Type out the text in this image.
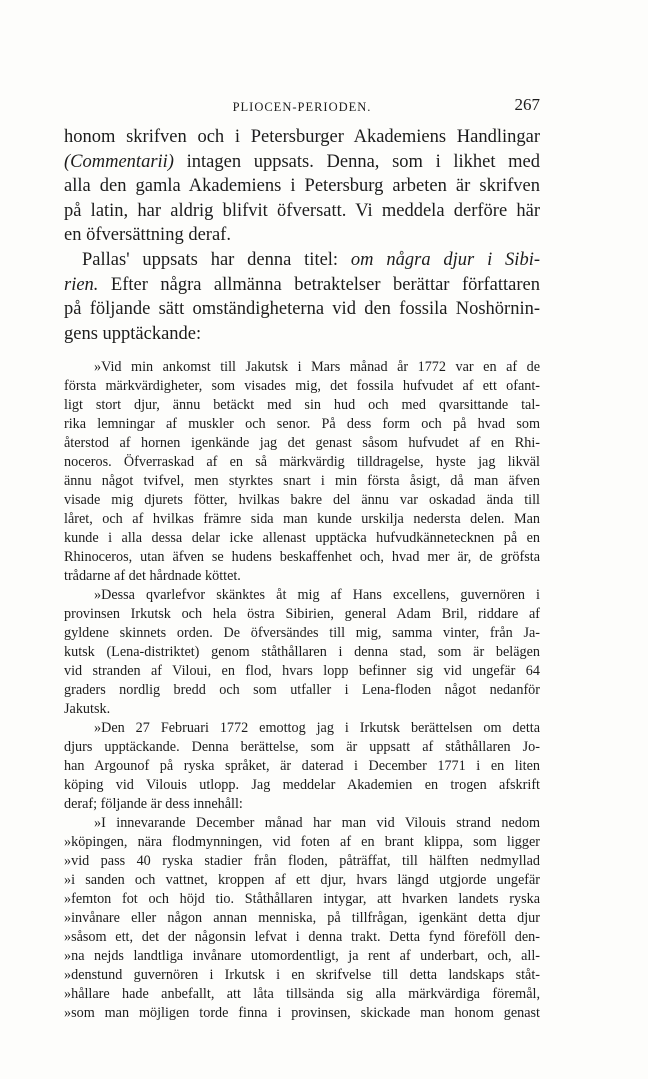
PLIOCEN-PERIODEN.	267
honom skrifven och i Petersburger Akademiens Handlingar
(Commentarii) intagen uppsats. Denna, som i likhet med
alla den gamla Akademiens i Petersburg arbeten är skrifven
på latin, har aldrig blifvit öfversatt. Vi meddela derföre här
en öfversättning deraf.
Pallas' uppsats har denna titel: om några djur i Sibi-
rien. Efter några allmänna betraktelser berättar författaren
på följande sätt omständigheterna vid den fossila Noshörnin-
gens upptäckande:
»Vid min ankomst till Jakutsk i Mars månad år 1772 var en af de
första märkvärdigheter, som visades mig, det fossila hufvudet af ett ofant-
ligt stort djur, ännu betäckt med sin hud och med qvarsittande tal-
rika lemningar af muskler och senor. På dess form och på hvad som
återstod af hornen igenkände jag det genast såsom hufvudet af en Rhi-
noceros. Öfverraskad af en så märkvärdig tilldragelse, hyste jag likväl
ännu något tvifvel, men styrktes snart i min första åsigt, då man äfven
visade mig djurets fötter, hvilkas bakre del ännu var oskadad ända till
låret, och af hvilkas främre sida man kunde urskilja nedersta delen. Man
kunde i alla dessa delar icke allenast upptäcka hufvudkännetecknen på en
Rhinoceros, utan äfven se hudens beskaffenhet och, hvad mer är, de gröfsta
trådarne af det hårdnade köttet.
»Dessa qvarlefvor skänktes åt mig af Hans excellens, guvernören i
provinsen Irkutsk och hela östra Sibirien, general Adam Bril, riddare af
gyldene skinnets orden. De öfversändes till mig, samma vinter, från Ja-
kutsk (Lena-distriktet) genom ståthållaren i denna stad, som är belägen
vid stranden af Viloui, en flod, hvars lopp befinner sig vid ungefär 64
graders nordlig bredd och som utfaller i Lena-floden något nedanför
Jakutsk.
»Den 27 Februari 1772 emottog jag i Irkutsk berättelsen om detta
djurs upptäckande. Denna berättelse, som är uppsatt af ståthållaren Jo-
han Argounof på ryska språket, är daterad i December 1771 i en liten
köping vid Vilouis utlopp. Jag meddelar Akademien en trogen afskrift
deraf; följande är dess innehåll:
»I innevarande December månad har man vid Vilouis strand nedom
»köpingen, nära flodmynningen, vid foten af en brant klippa, som ligger
»vid pass 40 ryska stadier från floden, påträffat, till hälften nedmyllad
»i sanden och vattnet, kroppen af ett djur, hvars längd utgjorde ungefär
»femton fot och höjd tio. Ståthållaren intygar, att hvarken landets ryska
»invånare eller någon annan menniska, på tillfrågan, igenkänt detta djur
»såsom ett, det der någonsin lefvat i denna trakt. Detta fynd föreföll den-
»na nejds landtliga invånare utomordentligt, ja rent af underbart, och, all-
»denstund guvernören i Irkutsk i en skrifvelse till detta landskaps ståt-
»hållare hade anbefallt, att låta tillsända sig alla märkvärdiga föremål,
»som man möjligen torde finna i provinsen, skickade man honom genast
